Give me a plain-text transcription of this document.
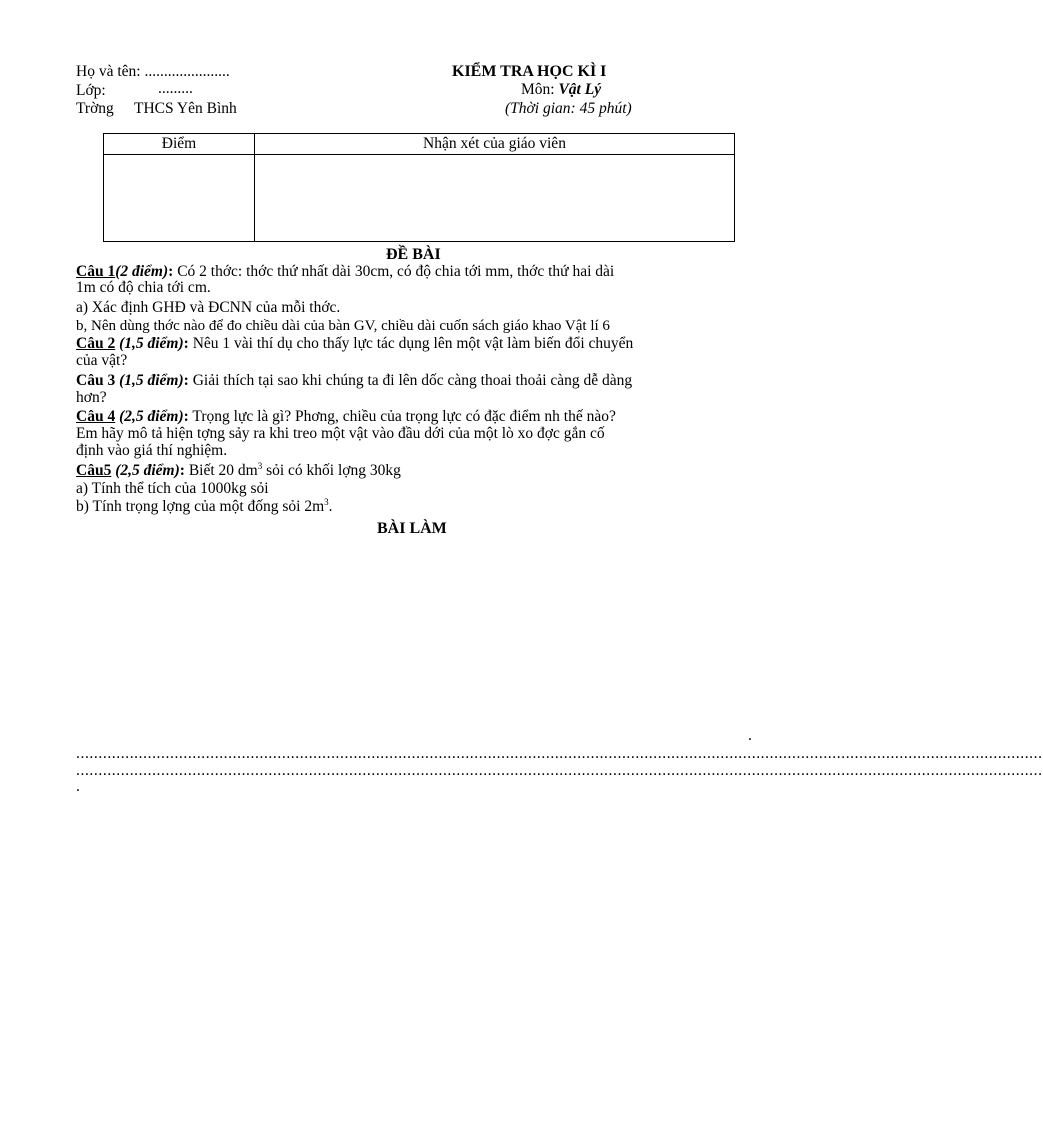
Họ và tên: ......................
Lớp:	.........
Trờng THCS Yên Bình
KIỂM TRA HỌC KÌ I
Môn: Vật Lý
(Thời gian: 45 phút)
Điểm	Nhận xét của giáo viên

ĐỀ BÀI
Câu 1(2 điểm): Có 2 thớc: thớc thứ nhất dài 30cm, có độ chia tới mm, thớc thứ hai dài
1m có độ chia tới cm.
a) Xác định GHĐ và ĐCNN của mỗi thớc.
b, Nên dùng thớc nào để đo chiều dài của bàn GV, chiều dài cuốn sách giáo khao Vật lí 6
Câu 2 (1,5 điểm): Nêu 1 vài thí dụ cho thấy lực tác dụng lên một vật làm biến đổi chuyển
của vật?
Câu 3 (1,5 điểm): Giải thích tại sao khi chúng ta đi lên dốc càng thoai thoải càng dễ dàng
hơn?
Câu 4 (2,5 điểm): Trọng lực là gì? Phơng, chiều của trọng lực có đặc điểm nh thế nào?
Em hãy mô tả hiện tợng sảy ra khi treo một vật vào đầu dới của một lò xo đợc gắn cố
định vào giá thí nghiệm.
Câu5 (2,5 điểm): Biết 20 $dm^3$ sỏi có khối lợng 30kg
a) Tính thể tích của 1000kg sỏi
b) Tính trọng lợng của một đống sỏi $2m^3$.
BÀI LÀM
.
........................................................................................................................................................................................................................
........................................................................................................................................................................................................................
.
